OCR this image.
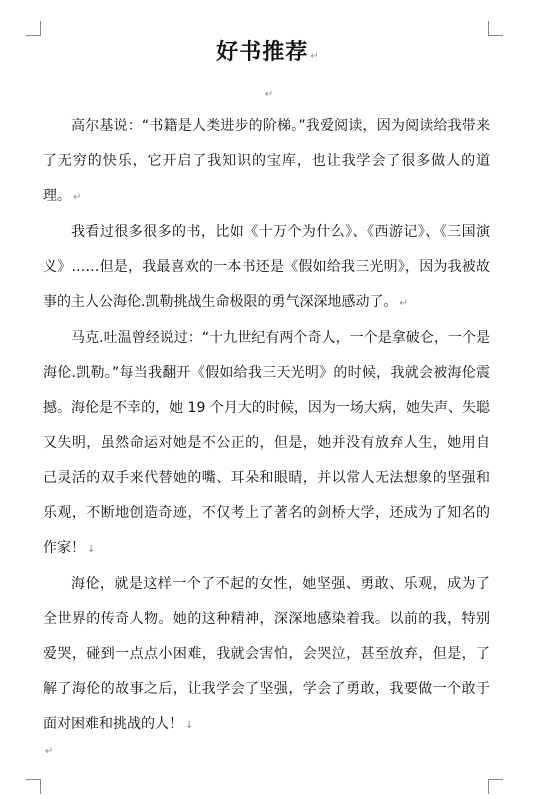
好书推荐 ↵
↵

高尔基说：“书籍是人类进步的阶梯。”我爱阅读，因为阅读给我带来了无穷的快乐，它开启了我知识的宝库，也让我学会了很多做人的道理。 ↵

我看过很多很多的书，比如《十万个为什么》、《西游记》、《三国演义》……但是，我最喜欢的一本书还是《假如给我三光明》，因为我被故事的主人公海伦.凯勒挑战生命极限的勇气深深地感动了。 ↵

马克.吐温曾经说过：“十九世纪有两个奇人，一个是拿破仑，一个是海伦.凯勒。”每当我翻开《假如给我三天光明》的时候，我就会被海伦震撼。海伦是不幸的，她 19 个月大的时候，因为一场大病，她失声、失聪又失明，虽然命运对她是不公正的，但是，她并没有放弃人生，她用自己灵活的双手来代替她的嘴、耳朵和眼睛，并以常人无法想象的坚强和乐观，不断地创造奇迹，不仅考上了著名的剑桥大学，还成为了知名的作家！ ↓

海伦，就是这样一个了不起的女性，她坚强、勇敢、乐观，成为了全世界的传奇人物。她的这种精神，深深地感染着我。以前的我，特别爱哭，碰到一点点小困难，我就会害怕，会哭泣，甚至放弃，但是，了解了海伦的故事之后，让我学会了坚强，学会了勇敢，我要做一个敢于面对困难和挑战的人！ ↓

↵
